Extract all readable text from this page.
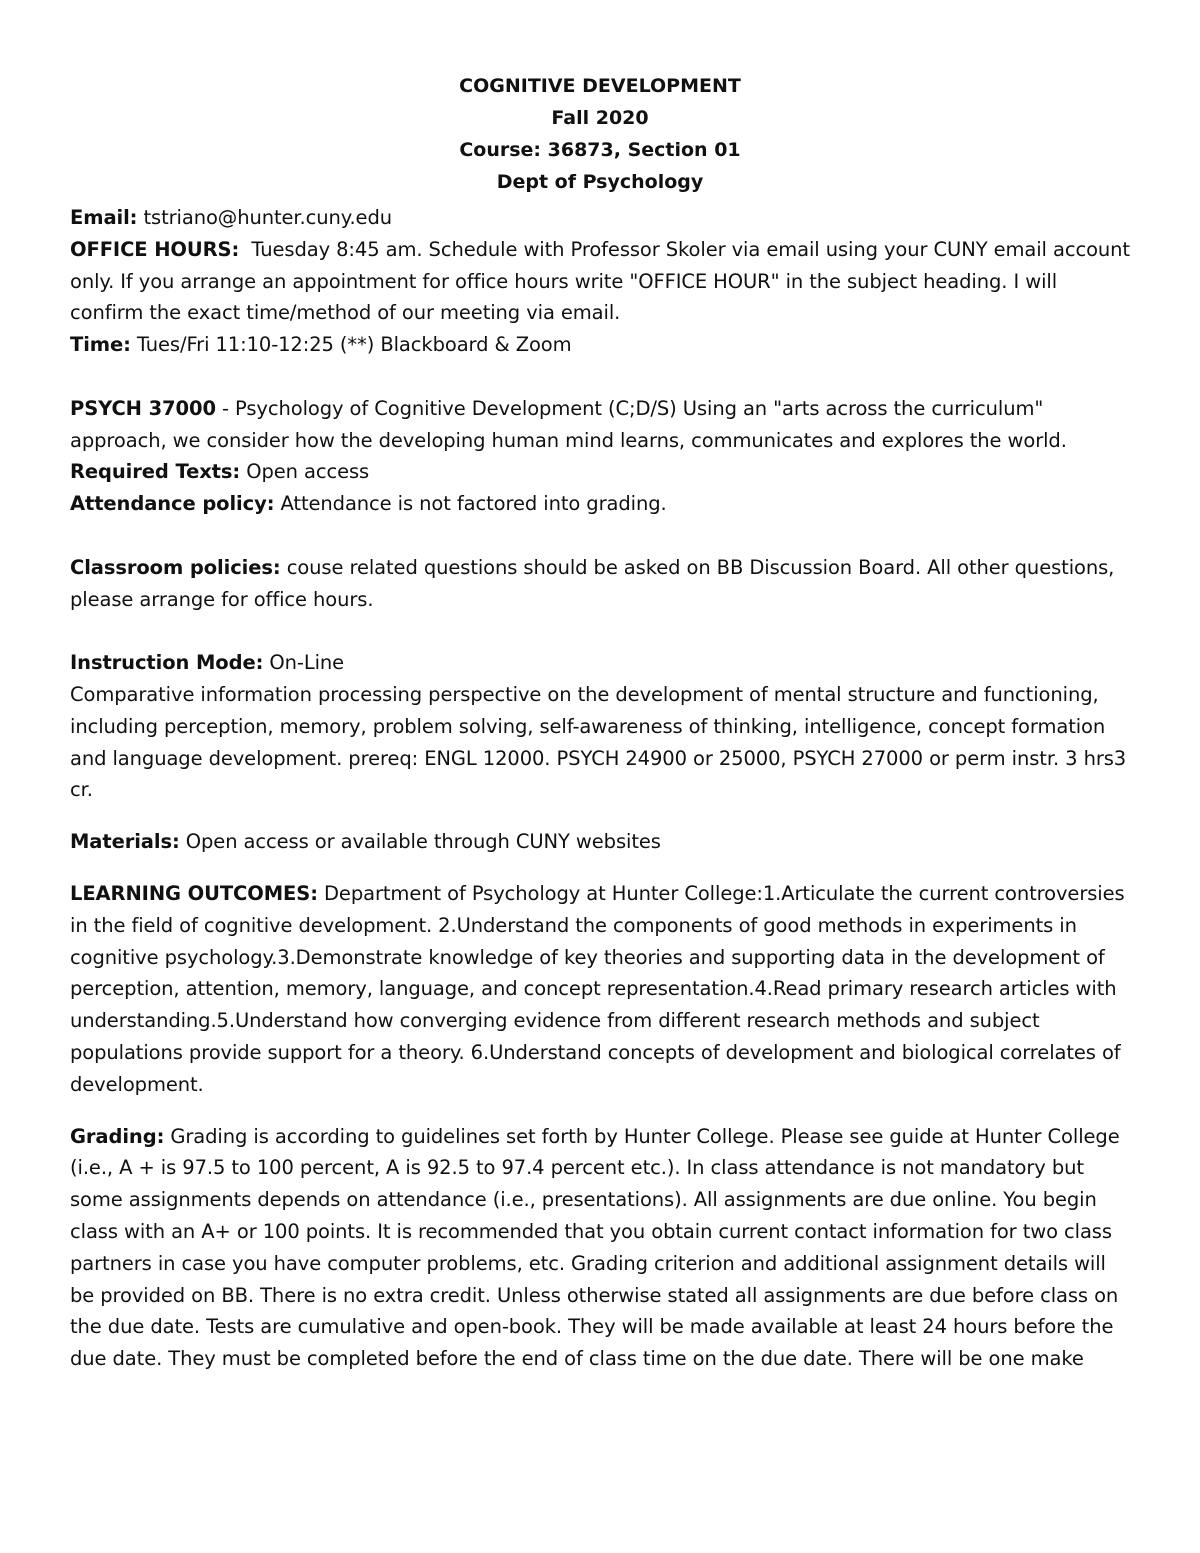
COGNITIVE DEVELOPMENT
Fall 2020
Course: 36873, Section 01
Dept of Psychology

Email: tstriano@hunter.cuny.edu

OFFICE HOURS:  Tuesday 8:45 am. Schedule with Professor Skoler via email using your CUNY email account only. If you arrange an appointment for office hours write "OFFICE HOUR" in the subject heading. I will confirm the exact time/method of our meeting via email.

Time: Tues/Fri 11:10-12:25 (**) Blackboard & Zoom

PSYCH 37000 - Psychology of Cognitive Development (C;D/S) Using an "arts across the curriculum" approach, we consider how the developing human mind learns, communicates and explores the world.

Required Texts: Open access

Attendance policy: Attendance is not factored into grading.

Classroom policies: couse related questions should be asked on BB Discussion Board. All other questions, please arrange for office hours.

Instruction Mode: On-Line

Comparative information processing perspective on the development of mental structure and functioning, including perception, memory, problem solving, self-awareness of thinking, intelligence, concept formation and language development. prereq: ENGL 12000. PSYCH 24900 or 25000, PSYCH 27000 or perm instr. 3 hrs3 cr.

Materials: Open access or available through CUNY websites

LEARNING OUTCOMES: Department of Psychology at Hunter College:1.Articulate the current controversies in the field of cognitive development. 2.Understand the components of good methods in experiments in cognitive psychology.3.Demonstrate knowledge of key theories and supporting data in the development of perception, attention, memory, language, and concept representation.4.Read primary research articles with understanding.5.Understand how converging evidence from different research methods and subject populations provide support for a theory. 6.Understand concepts of development and biological correlates of development.

Grading: Grading is according to guidelines set forth by Hunter College. Please see guide at Hunter College (i.e., A + is 97.5 to 100 percent, A is 92.5 to 97.4 percent etc.). In class attendance is not mandatory but some assignments depends on attendance (i.e., presentations). All assignments are due online. You begin class with an A+ or 100 points. It is recommended that you obtain current contact information for two class partners in case you have computer problems, etc. Grading criterion and additional assignment details will be provided on BB. There is no extra credit. Unless otherwise stated all assignments are due before class on the due date. Tests are cumulative and open-book. They will be made available at least 24 hours before the due date. They must be completed before the end of class time on the due date. There will be one make
